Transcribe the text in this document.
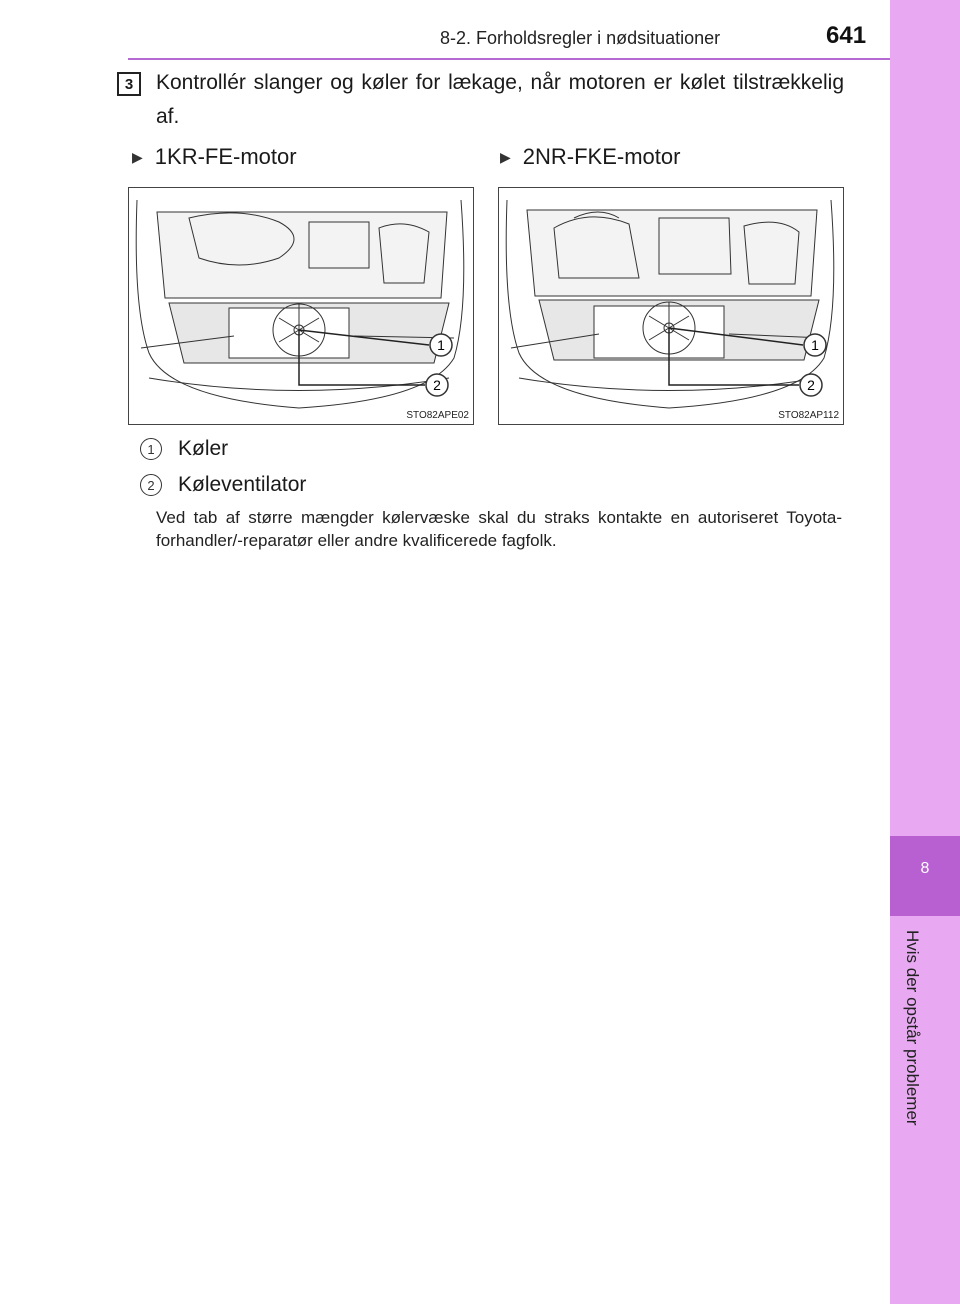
8-2. Forholdsregler i nødsituationer	641
8
Hvis der opstår problemer
3	Kontrollér slanger og køler for lækage, når motoren er kølet tilstrækkelig af.
▶ 1KR-FE-motor	▶ 2NR-FKE-motor
1
2
STO82APE02
1
2
STO82AP112
1	Køler
2	Køleventilator
Ved tab af større mængder kølervæske skal du straks kontakte en autoriseret Toyota-forhandler/-reparatør eller andre kvalificerede fagfolk.
